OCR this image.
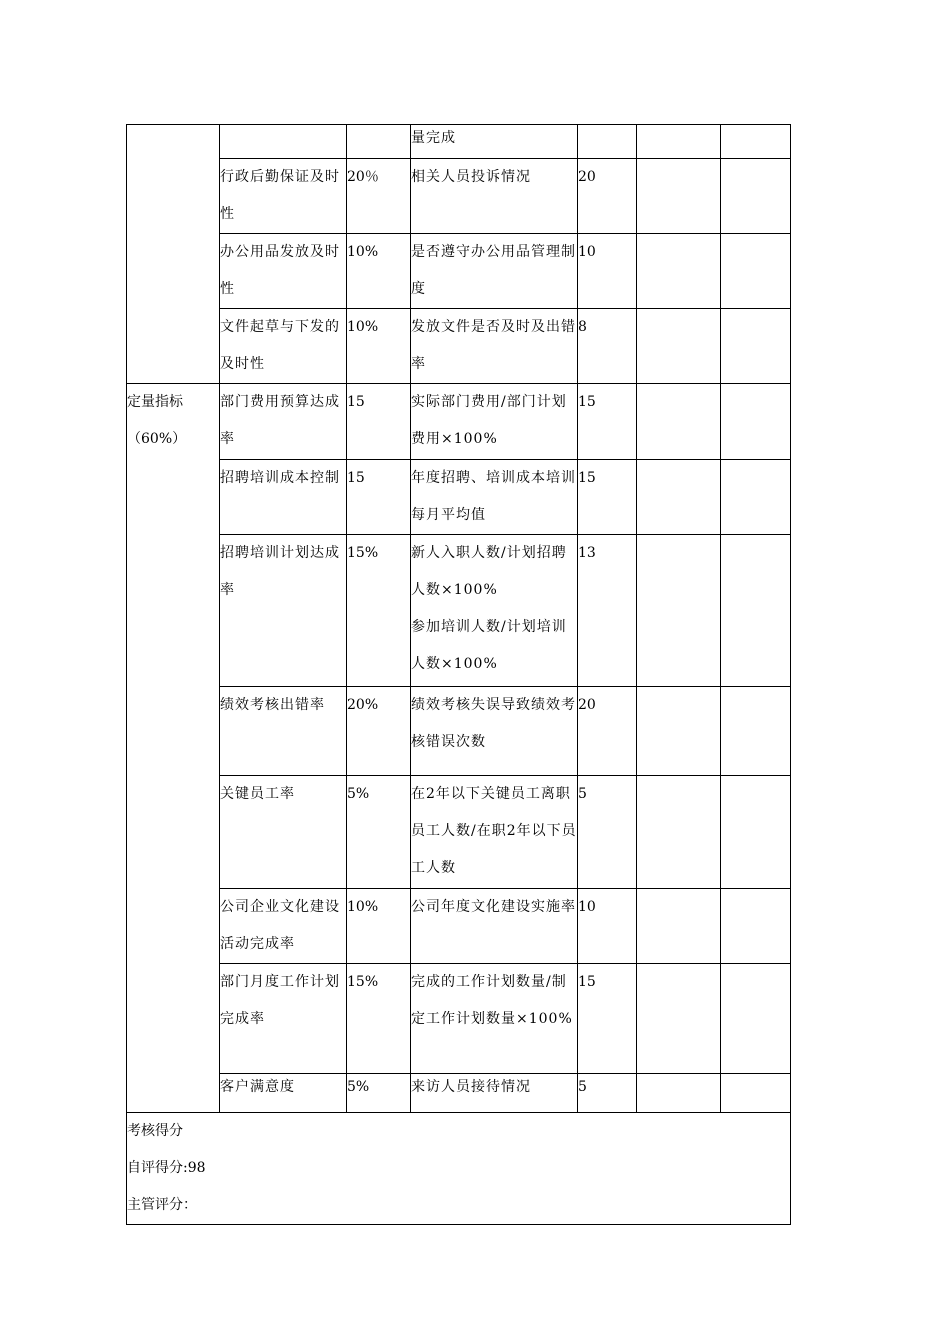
			量完成			

	行政后勤保证及时性	20％	相关人员投诉情况	20		
	办公用品发放及时性	10%	是否遵守办公用品管理制度	10		
	文件起草与下发的及时性	10%	发放文件是否及时及出错率	8		

定量指标
（60%）	部门费用预算达成率	15	实际部门费用/部门计划费用×100%	15		
	招聘培训成本控制	15	年度招聘、培训成本培训每月平均值	15		
	招聘培训计划达成率	15%	新人入职人数/计划招聘人数×100%
参加培训人数/计划培训人数×100%	13		
	绩效考核出错率	20%	绩效考核失误导致绩效考核错误次数	20		
	关键员工率	5%	在2年以下关键员工离职员工人数/在职2年以下员工人数	5		
	公司企业文化建设活动完成率	10%	公司年度文化建设实施率	10		
	部门月度工作计划完成率	15%	完成的工作计划数量/制定工作计划数量×100%	15		
	客户满意度	5%	来访人员接待情况	5		

考核得分
自评得分:98
主管评分：						
